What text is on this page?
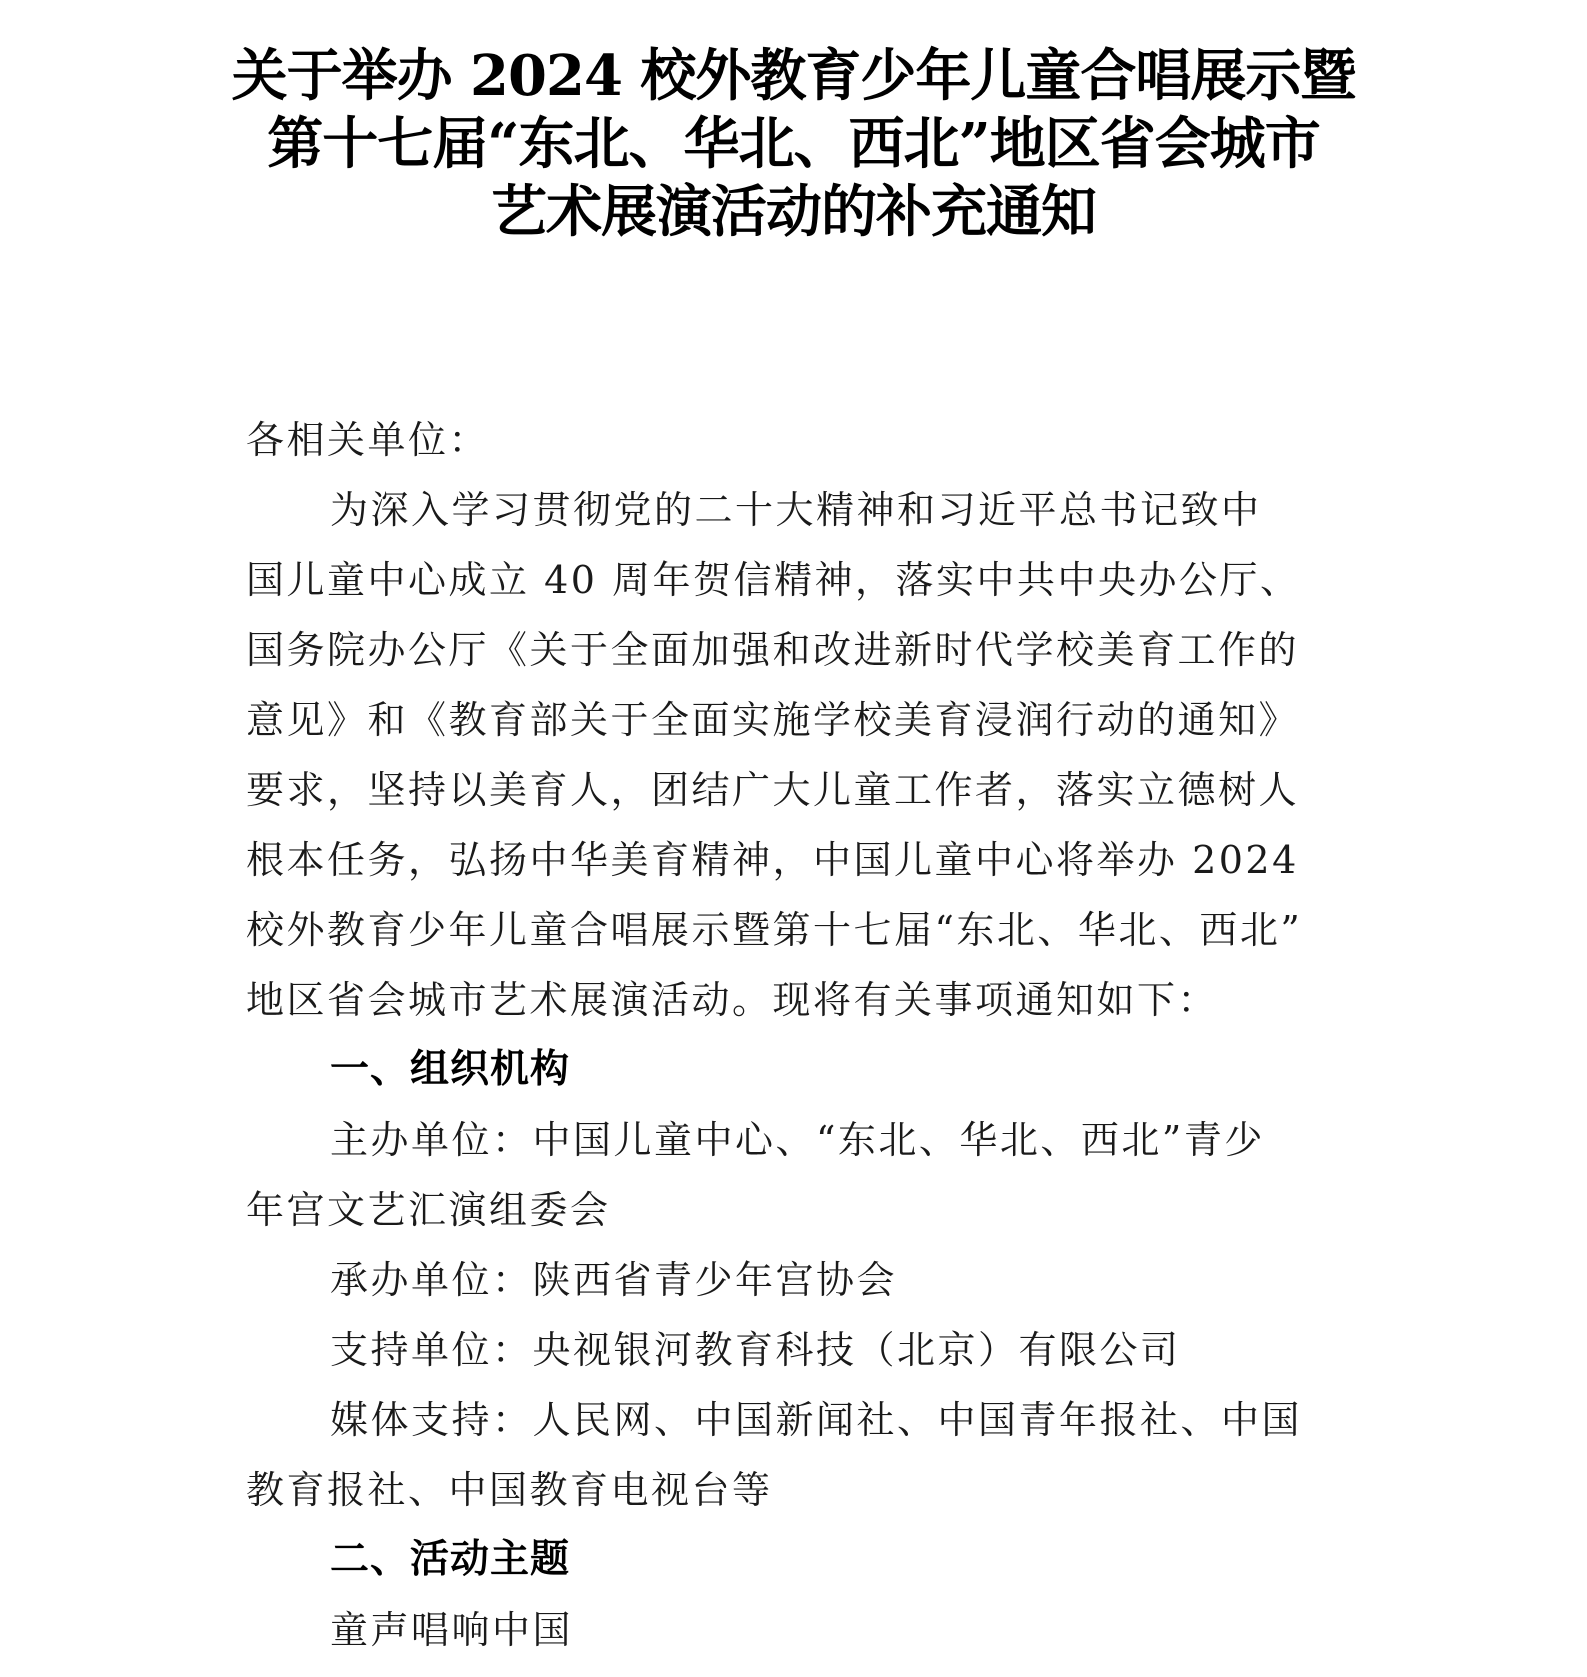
关于举办 2024 校外教育少年儿童合唱展示暨
第十七届“东北、华北、西北”地区省会城市
艺术展演活动的补充通知

各相关单位：

为深入学习贯彻党的二十大精神和习近平总书记致中
国儿童中心成立 40 周年贺信精神，落实中共中央办公厅、
国务院办公厅《关于全面加强和改进新时代学校美育工作的
意见》和《教育部关于全面实施学校美育浸润行动的通知》
要求，坚持以美育人，团结广大儿童工作者，落实立德树人
根本任务，弘扬中华美育精神，中国儿童中心将举办 2024
校外教育少年儿童合唱展示暨第十七届“东北、华北、西北”
地区省会城市艺术展演活动。现将有关事项通知如下：

一、组织机构

主办单位：中国儿童中心、“东北、华北、西北”青少
年宫文艺汇演组委会

承办单位：陕西省青少年宫协会

支持单位：央视银河教育科技（北京）有限公司

媒体支持：人民网、中国新闻社、中国青年报社、中国
教育报社、中国教育电视台等

二、活动主题

童声唱响中国
